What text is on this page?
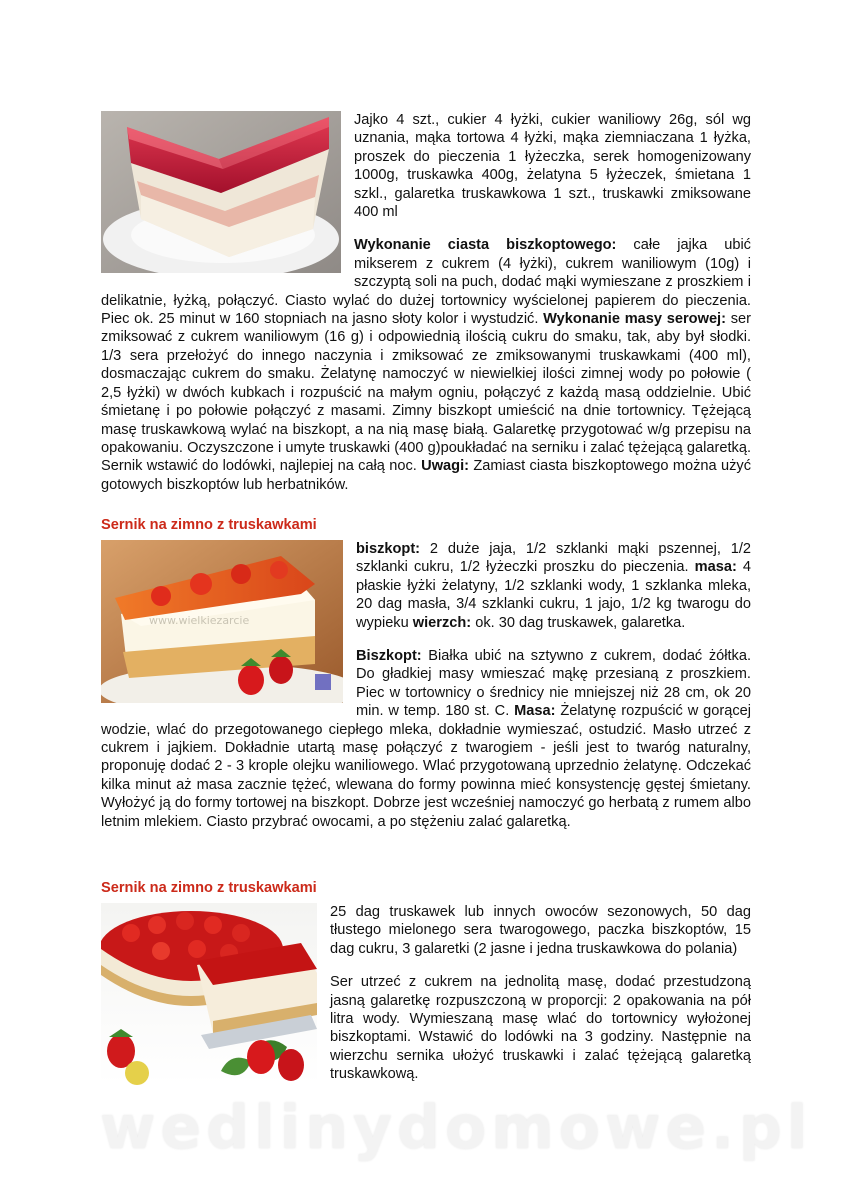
Jajko 4 szt., cukier 4 łyżki, cukier waniliowy 26g, sól wg uznania, mąka tortowa 4 łyżki, mąka ziemniaczana 1 łyżka, proszek do pieczenia 1 łyżeczka, serek homogenizowany 1000g, truskawka 400g, żelatyna 5 łyżeczek, śmietana 1 szkl., galaretka truskawkowa 1 szt., truskawki zmiksowane 400 ml

Wykonanie ciasta biszkoptowego: całe jajka ubić mikserem z cukrem (4 łyżki), cukrem waniliowym (10g) i szczyptą soli na puch, dodać mąki wymieszane z proszkiem i delikatnie, łyżką, połączyć. Ciasto wylać do dużej tortownicy wyścielonej papierem do pieczenia. Piec ok. 25 minut w 160 stopniach na jasno słoty kolor i wystudzić. Wykonanie masy serowej: ser zmiksować z cukrem waniliowym (16 g) i odpowiednią ilością cukru do smaku, tak, aby był słodki. 1/3 sera przełożyć do innego naczynia i zmiksować ze zmiksowanymi truskawkami (400 ml), dosmaczając cukrem do smaku. Żelatynę namoczyć w niewielkiej ilości zimnej wody po połowie ( 2,5 łyżki) w dwóch kubkach i rozpuścić na małym ogniu, połączyć z każdą masą oddzielnie. Ubić śmietanę i po połowie połączyć z masami. Zimny biszkopt umieścić na dnie tortownicy. Tężejącą masę truskawkową wylać na biszkopt, a na nią masę białą. Galaretkę przygotować w/g przepisu na opakowaniu. Oczyszczone i umyte truskawki (400 g)poukładać na serniku i zalać tężejącą galaretką. Sernik wstawić do lodówki, najlepiej na całą noc. Uwagi: Zamiast ciasta biszkoptowego można użyć gotowych biszkoptów lub herbatników.

Sernik na zimno z truskawkami
www.wielkiezarcie

biszkopt: 2 duże jaja, 1/2 szklanki mąki pszennej, 1/2 szklanki cukru, 1/2 łyżeczki proszku do pieczenia. masa: 4 płaskie łyżki żelatyny, 1/2 szklanki wody, 1 szklanka mleka, 20 dag masła, 3/4 szklanki cukru, 1 jajo, 1/2 kg twarogu do wypieku wierzch: ok. 30 dag truskawek, galaretka.

Biszkopt: Białka ubić na sztywno z cukrem, dodać żółtka. Do gładkiej masy wmieszać mąkę przesianą z proszkiem. Piec w tortownicy o średnicy nie mniejszej niż 28 cm, ok 20 min. w temp. 180 st. C. Masa: Żelatynę rozpuścić w gorącej wodzie, wlać do przegotowanego ciepłego mleka, dokładnie wymieszać, ostudzić. Masło utrzeć z cukrem i jajkiem. Dokładnie utartą masę połączyć z twarogiem - jeśli jest to twaróg naturalny, proponuję dodać 2 - 3 krople olejku waniliowego. Wlać przygotowaną uprzednio żelatynę. Odczekać kilka minut aż masa zacznie tężeć, wlewana do formy powinna mieć konsystencję gęstej śmietany. Wyłożyć ją do formy tortowej na biszkopt. Dobrze jest wcześniej namoczyć go herbatą z rumem albo letnim mlekiem. Ciasto przybrać owocami, a po stężeniu zalać galaretką.

Sernik na zimno z truskawkami

25 dag truskawek lub innych owoców sezonowych, 50 dag tłustego mielonego sera twarogowego, paczka biszkoptów, 15 dag cukru, 3 galaretki (2 jasne i jedna truskawkowa do polania)

Ser utrzeć z cukrem na jednolitą masę, dodać przestudzoną jasną galaretkę rozpuszczoną w proporcji: 2 opakowania na pół litra wody. Wymieszaną masę wlać do tortownicy wyłożonej biszkoptami. Wstawić do lodówki na 3 godziny. Następnie na wierzchu sernika ułożyć truskawki i zalać tężejącą galaretką truskawkową.

wedlinydomowe.pl
